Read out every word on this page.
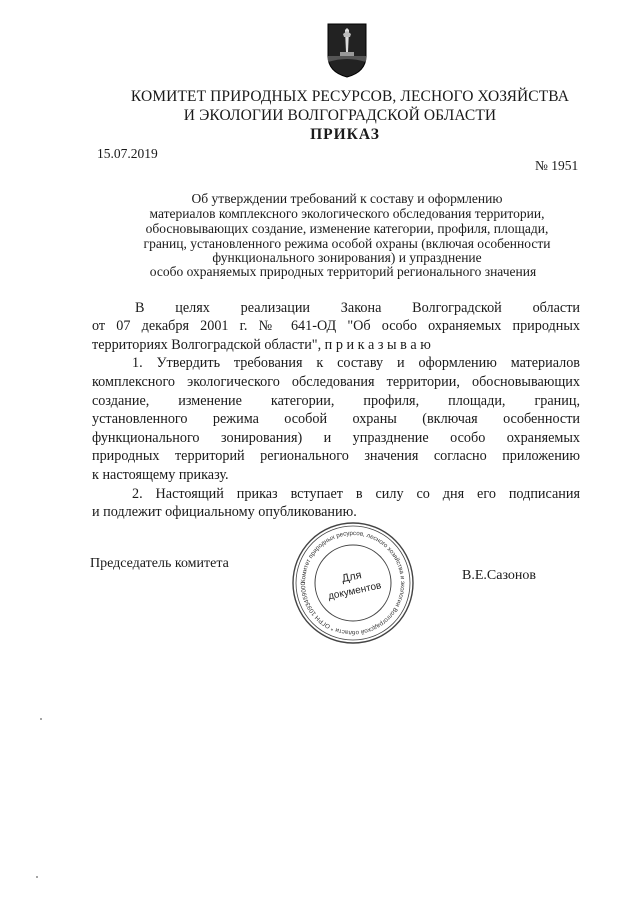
КОМИТЕТ ПРИРОДНЫХ РЕСУРСОВ, ЛЕСНОГО ХОЗЯЙСТВА
И ЭКОЛОГИИ ВОЛГОГРАДСКОЙ ОБЛАСТИ
ПРИКАЗ
15.07.2019
№ 1951
Об утверждении требований к составу и оформлению
материалов комплексного экологического обследования территории,
обосновывающих создание, изменение категории, профиля, площади,
границ, установленного режима особой охраны (включая особенности
функционального зонирования) и упразднение
особо охраняемых природных территорий регионального значения
В целях реализации Закона Волгоградской области
от 07 декабря 2001 г. № 641-ОД "Об особо охраняемых природных
территориях Волгоградской области", п р и к а з ы в а ю
1. Утвердить требования к составу и оформлению материалов
комплексного экологического обследования территории, обосновывающих
создание, изменение категории, профиля, площади, границ,
установленного режима особой охраны (включая особенности
функционального зонирования) и упразднение особо охраняемых
природных территорий регионального значения согласно приложению
к настоящему приказу.
2. Настоящий приказ вступает в силу со дня его подписания
и подлежит официальному опубликованию.
Комитет природных ресурсов, лесного хозяйства и экологии Волгоградской области * ОГРН 1093459000	Для
документов
Председатель комитета
В.Е.Сазонов
